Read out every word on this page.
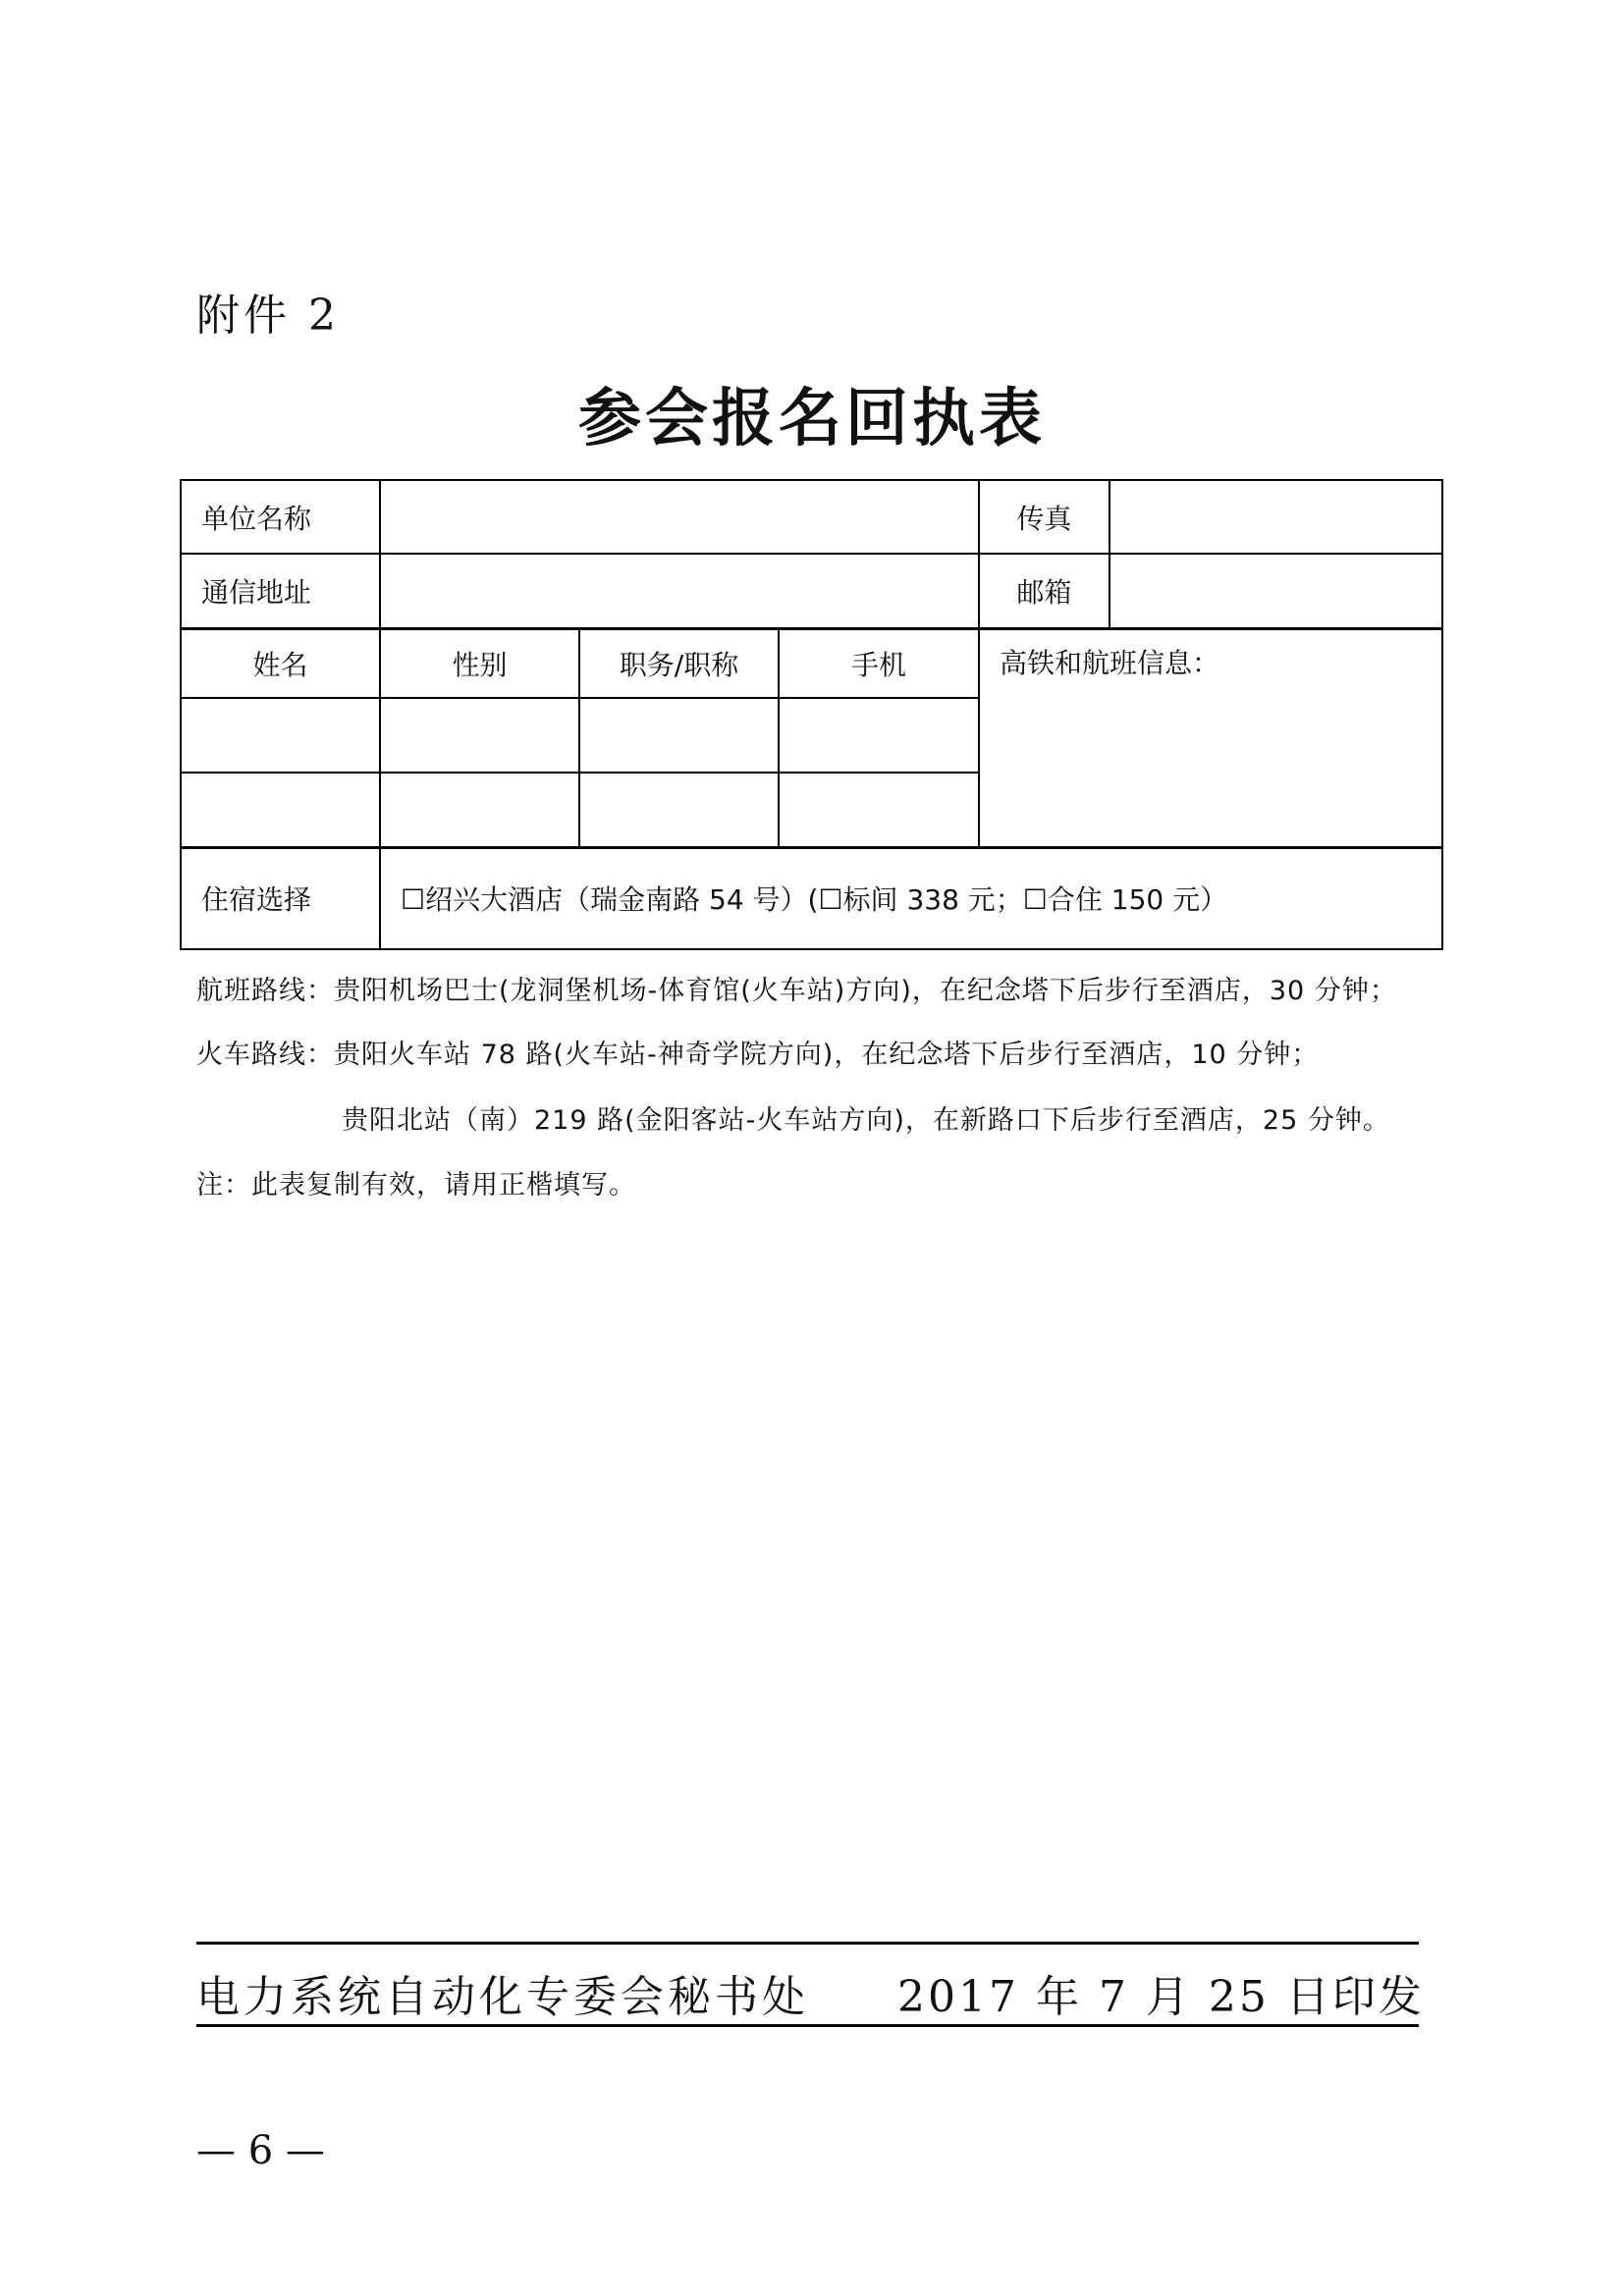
附件 2
参会报名回执表
单位名称				传真	
通信地址				邮箱	
姓名	性别	职务/职称	手机	高铁和航班信息：	

住宿选择	☐绍兴大酒店（瑞金南路 54 号）(☐标间 338 元；☐合住 150 元）				
航班路线：贵阳机场巴士(龙洞堡机场-体育馆(火车站)方向)，在纪念塔下后步行至酒店，30 分钟；
火车路线：贵阳火车站 78 路(火车站-神奇学院方向)，在纪念塔下后步行至酒店，10 分钟；
贵阳北站（南）219 路(金阳客站-火车站方向)，在新路口下后步行至酒店，25 分钟。
注：此表复制有效，请用正楷填写。
电力系统自动化专委会秘书处 2017 年 7 月 25 日印发
— 6 —
